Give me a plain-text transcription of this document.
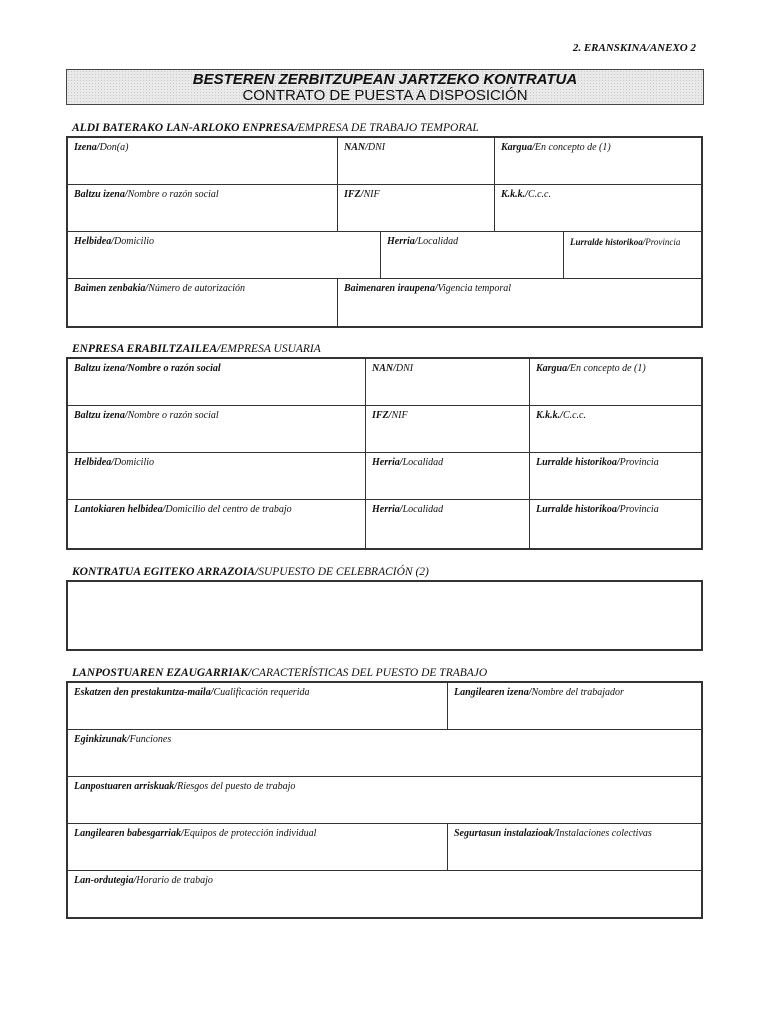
2. ERANSKINA/ANEXO 2
BESTEREN ZERBITZUPEAN JARTZEKO KONTRATUA
CONTRATO DE PUESTA A DISPOSICIÓN
ALDI BATERAKO LAN-ARLOKO ENPRESA/EMPRESA DE TRABAJO TEMPORAL
Izena/Don(a)	NAN/DNI	Kargua/En concepto de (1)
Baltzu izena/Nombre o razón social	IFZ/NIF	K.k.k./C.c.c.
Helbidea/Domicilio	Herria/Localidad	Lurralde historikoa/Provincia
Baimen zenbakia/Número de autorización	Baimenaren iraupena/Vigencia temporal
ENPRESA ERABILTZAILEA/EMPRESA USUARIA
Baltzu izena/Nombre o razón social	NAN/DNI	Kargua/En concepto de (1)
Baltzu izena/Nombre o razón social	IFZ/NIF	K.k.k./C.c.c.
Helbidea/Domicilio	Herria/Localidad	Lurralde historikoa/Provincia
Lantokiaren helbidea/Domicilio del centro de trabajo	Herria/Localidad	Lurralde historikoa/Provincia
KONTRATUA EGITEKO ARRAZOIA/SUPUESTO DE CELEBRACIÓN (2)
LANPOSTUAREN EZAUGARRIAK/CARACTERÍSTICAS DEL PUESTO DE TRABAJO
Eskatzen den prestakuntza-maila/Cualificación requerida	Langilearen izena/Nombre del trabajador
Eginkizunak/Funciones
Lanpostuaren arriskuak/Riesgos del puesto de trabajo
Langilearen babesgarriak/Equipos de protección individual	Segurtasun instalazioak/Instalaciones colectivas
Lan-ordutegia/Horario de trabajo
